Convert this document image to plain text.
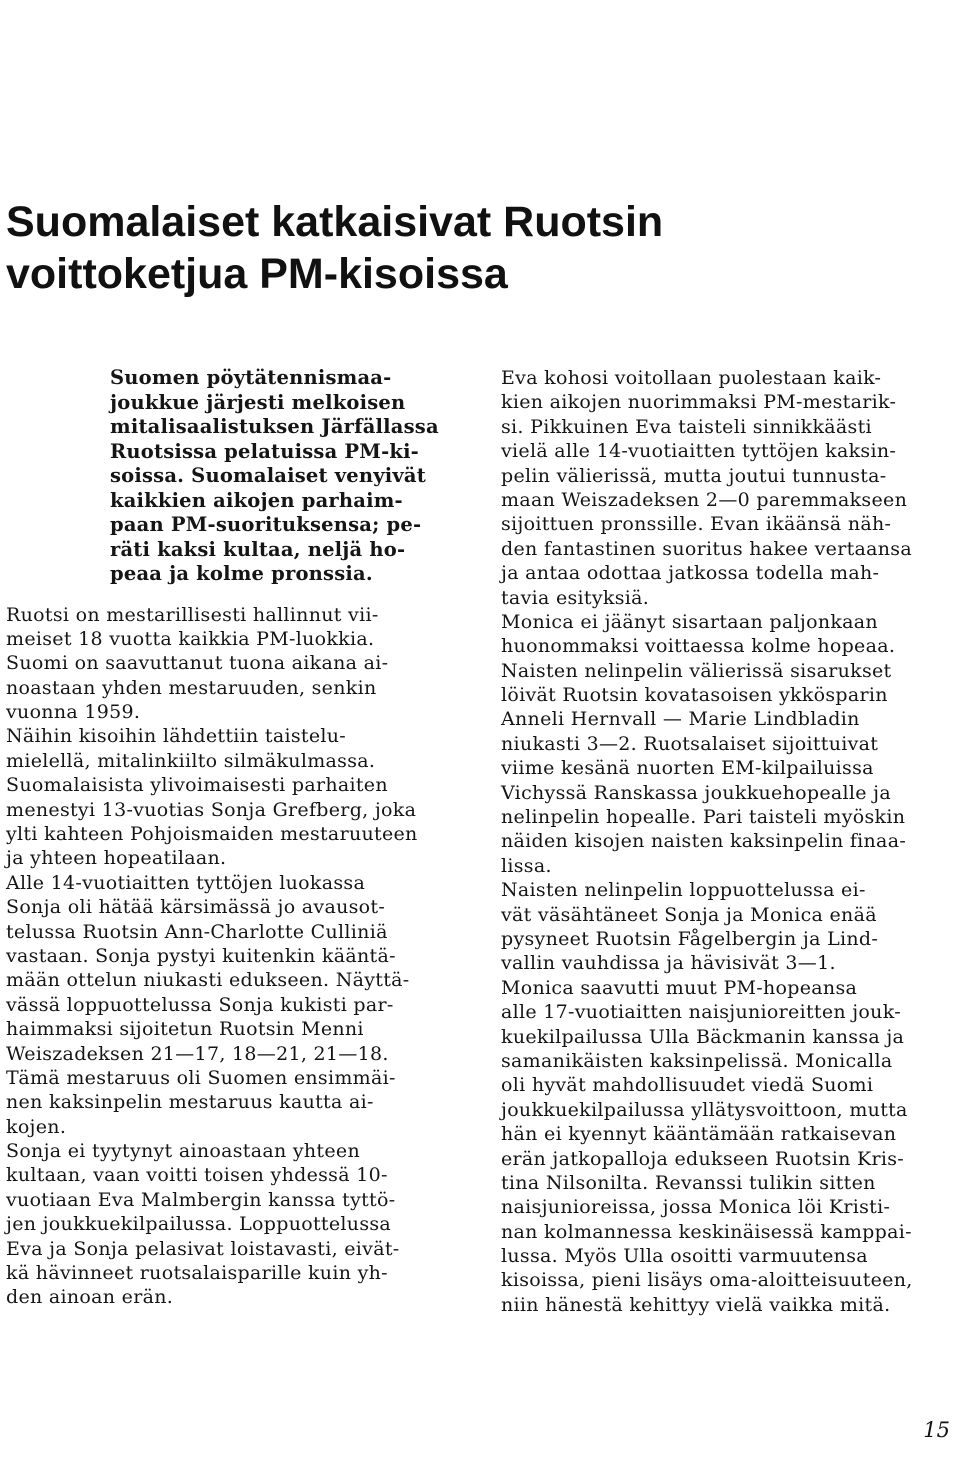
Suomalaiset katkaisivat Ruotsin
voittoketjua PM-kisoissa
Suomen pöytätennismaa-
joukkue järjesti melkoisen
mitalisaalistuksen Järfällassa
Ruotsissa pelatuissa PM-ki-
soissa. Suomalaiset venyivät
kaikkien aikojen parhaim-
paan PM-suorituksensa; pe-
räti kaksi kultaa, neljä ho-
peaa ja kolme pronssia.
Ruotsi on mestarillisesti hallinnut vii-
meiset 18 vuotta kaikkia PM-luokkia.
Suomi on saavuttanut tuona aikana ai-
noastaan yhden mestaruuden, senkin
vuonna 1959.
Näihin kisoihin lähdettiin taistelu-
mielellä, mitalinkiilto silmäkulmassa.
Suomalaisista ylivoimaisesti parhaiten
menestyi 13-vuotias Sonja Grefberg, joka
ylti kahteen Pohjoismaiden mestaruuteen
ja yhteen hopeatilaan.
Alle 14-vuotiaitten tyttöjen luokassa
Sonja oli hätää kärsimässä jo avausot-
telussa Ruotsin Ann-Charlotte Culliniä
vastaan. Sonja pystyi kuitenkin kääntä-
mään ottelun niukasti edukseen. Näyttä-
vässä loppuottelussa Sonja kukisti par-
haimmaksi sijoitetun Ruotsin Menni
Weiszadeksen 21—17, 18—21, 21—18.
Tämä mestaruus oli Suomen ensimmäi-
nen kaksinpelin mestaruus kautta ai-
kojen.
Sonja ei tyytynyt ainoastaan yhteen
kultaan, vaan voitti toisen yhdessä 10-
vuotiaan Eva Malmbergin kanssa tyttö-
jen joukkuekilpailussa. Loppuottelussa
Eva ja Sonja pelasivat loistavasti, eivät-
kä hävinneet ruotsalaisparille kuin yh-
den ainoan erän.
Eva kohosi voitollaan puolestaan kaik-
kien aikojen nuorimmaksi PM-mestarik-
si. Pikkuinen Eva taisteli sinnikkäästi
vielä alle 14-vuotiaitten tyttöjen kaksin-
pelin välierissä, mutta joutui tunnusta-
maan Weiszadeksen 2—0 paremmakseen
sijoittuen pronssille. Evan ikäänsä näh-
den fantastinen suoritus hakee vertaansa
ja antaa odottaa jatkossa todella mah-
tavia esityksiä.
Monica ei jäänyt sisartaan paljonkaan
huonommaksi voittaessa kolme hopeaa.
Naisten nelinpelin välierissä sisarukset
löivät Ruotsin kovatasoisen ykkösparin
Anneli Hernvall — Marie Lindbladin
niukasti 3—2. Ruotsalaiset sijoittuivat
viime kesänä nuorten EM-kilpailuissa
Vichyssä Ranskassa joukkuehopealle ja
nelinpelin hopealle. Pari taisteli myöskin
näiden kisojen naisten kaksinpelin finaa-
lissa.
Naisten nelinpelin loppuottelussa ei-
vät väsähtäneet Sonja ja Monica enää
pysyneet Ruotsin Fågelbergin ja Lind-
vallin vauhdissa ja hävisivät 3—1.
Monica saavutti muut PM-hopeansa
alle 17-vuotiaitten naisjunioreitten jouk-
kuekilpailussa Ulla Bäckmanin kanssa ja
samanikäisten kaksinpelissä. Monicalla
oli hyvät mahdollisuudet viedä Suomi
joukkuekilpailussa yllätysvoittoon, mutta
hän ei kyennyt kääntämään ratkaisevan
erän jatkopalloja edukseen Ruotsin Kris-
tina Nilsonilta. Revanssi tulikin sitten
naisjunioreissa, jossa Monica löi Kristi-
nan kolmannessa keskinäisessä kamppai-
lussa. Myös Ulla osoitti varmuutensa
kisoissa, pieni lisäys oma-aloitteisuuteen,
niin hänestä kehittyy vielä vaikka mitä.
15
